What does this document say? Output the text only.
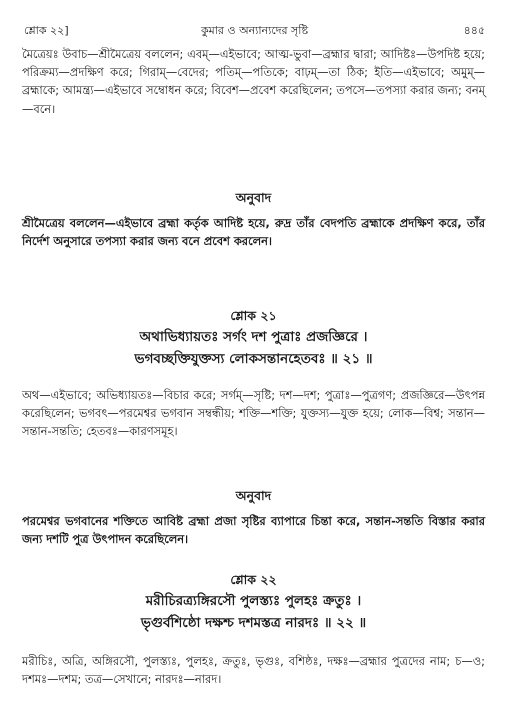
শ্লোক ২২]	কুমার ও অন্যান্যদের সৃষ্টি	৪৪৫
মৈত্রেয়ঃ উবাচ—শ্রীমৈত্রেয় বললেন; এবম্—এইভাবে; আত্ম-ভুবা—ব্রহ্মার দ্বারা; আদিষ্টঃ—উপদিষ্ট হয়ে; পরিক্রম্য—প্রদক্ষিণ করে; গিরাম্—বেদের; পতিম্—পতিকে; বাঢ়ম্—তা ঠিক; ইতি—এইভাবে; অমুম্—ব্রহ্মাকে; আমন্ত্র্য—এইভাবে সম্বোধন করে; বিবেশ—প্রবেশ করেছিলেন; তপসে—তপস্যা করার জন্য; বনম্—বনে।
অনুবাদ
শ্রীমৈত্রেয় বললেন—এইভাবে ব্রহ্মা কর্তৃক আদিষ্ট হয়ে, রুদ্র তাঁর বেদপতি ব্রহ্মাকে প্রদক্ষিণ করে, তাঁর নির্দেশ অনুসারে তপস্যা করার জন্য বনে প্রবেশ করলেন।
শ্লোক ২১
অথাভিধ্যায়তঃ সর্গং দশ পুত্রাঃ প্রজজ্ঞিরে ।
ভগবচ্ছক্তিযুক্তস্য লোকসন্তানহেতবঃ ॥ ২১ ॥
অথ—এইভাবে; অভিধ্যায়তঃ—বিচার করে; সর্গম্—সৃষ্টি; দশ—দশ; পুত্রাঃ—পুত্রগণ; প্রজজ্ঞিরে—উৎপন্ন করেছিলেন; ভগবৎ—পরমেশ্বর ভগবান সম্বন্ধীয়; শক্তি—শক্তি; যুক্তস্য—যুক্ত হয়ে; লোক—বিশ্ব; সন্তান—সন্তান-সন্ততি; হেতবঃ—কারণসমূহ।
অনুবাদ
পরমেশ্বর ভগবানের শক্তিতে আবিষ্ট ব্রহ্মা প্রজা সৃষ্টির ব্যাপারে চিন্তা করে, সন্তান-সন্ততি বিস্তার করার জন্য দশটি পুত্র উৎপাদন করেছিলেন।
শ্লোক ২২
মরীচিরত্র্যঙ্গিরসৌ পুলস্ত্যঃ পুলহঃ ক্রতুঃ ।
ভৃগুর্বশিষ্ঠো দক্ষশ্চ দশমস্তত্র নারদঃ ॥ ২২ ॥
মরীচিঃ, অত্রি, অঙ্গিরসৌ, পুলস্ত্যঃ, পুলহঃ, ক্রতুঃ, ভৃগুঃ, বশিষ্ঠঃ, দক্ষঃ—ব্রহ্মার পুত্রদের নাম; চ—ও; দশমঃ—দশম; তত্র—সেখানে; নারদঃ—নারদ।
